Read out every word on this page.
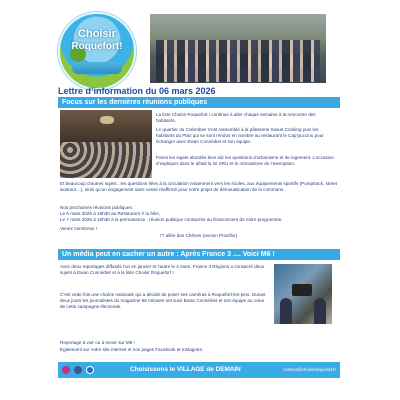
Choisir
Roquefort!
Lettre d’information du 06 mars 2026
Focus sur les dernières réunions publiques

La liste Choisir Roquefort ! continue à aller chaque semaine à la rencontre des habitants.

Le quartier du Colombier s’est rassemblé à la pâtisserie Sweet Cooking puis les habitants du Plan qui se sont rendus en nombre au restaurant le Cap’puccino pour échanger avec Ewan Connédiet et son équipe.

Parmi les sujets abordés bien sûr les questions d’urbanisme et de logement. L’occasion d’expliquer dans le détail la loi SRU et le mécanisme de l’exemption.

Et beaucoup d’autres sujets : les questions liées à la circulation notamment vers les écoles, aux équipements sportifs (Pumptrack, street workout…), ainsi qu’un engagement sans cesse réaffirmé pour notre projet de démoustication de la commune.

Nos prochaines réunions publiques :

Le 6 mars 2026 à 18h30 au Restaurant À la folie,

Le 7 mars 2026 à 16h30 à la permanence : réunion publique consacrée au financement de notre programme.

Venez nombreux !

77 allée des Chênes (ancien Proxiflor).

Un média peut en cacher un autre : Après France 3 .... Voici M6 !

Avec deux reportages diffusés l’un en janvier et l’autre le 4 mars, France 3 Régions a consacré deux sujets à Ewan Connédiet et à la liste Choisir Roquefort !

C’est cette fois une chaîne nationale qui a décidé de poser ses caméras à Roquefort-les-pins. Durant deux jours les journalistes du magazine 66 minutes ont suivi Ewan Connédiet et son équipe au cœur de cette campagne électorale.

Reportage à voir ou à revoir sur M6 !

Également sur notre site internet et nos pages Facebook et Instagram.

Choisissons le VILLAGE de DEMAIN	contact@choisirroquefort.fr
